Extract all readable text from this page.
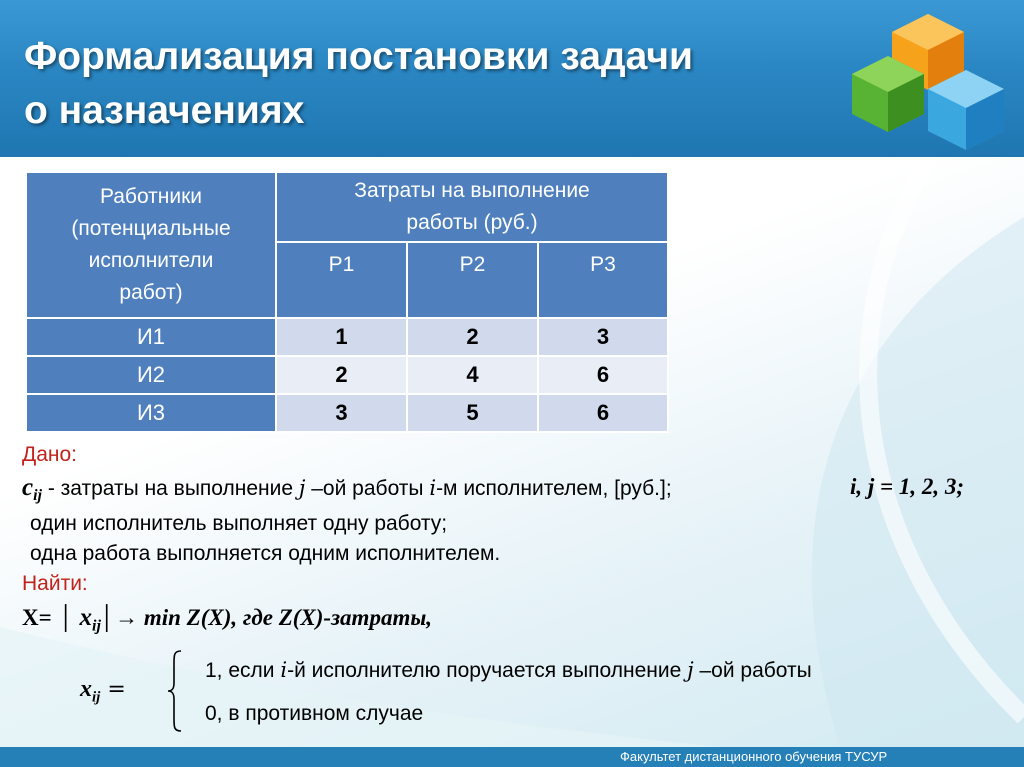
Формализация постановки задачи
о назначениях
Работники
(потенциальные
исполнители
работ)	Затраты на выполнение
работы (руб.)		
	Р1	Р2	Р3
И1	1	2	3
И2	2	4	6
И3	3	5	6

Дано:

$c_{ij}$ - затраты на выполнение j –ой работы i-м исполнителем, [руб.];	i, j = 1, 2, 3;

один исполнитель выполняет одну работу;

одна работа выполняется одним исполнителем.

Найти:

X= │ $x_{ij}│\to \min Z(X)$, где Z(X)-затраты,

$x_{ij}$ =

1, если i-й исполнителю поручается выполнение j –ой работы

0, в противном случае

Факультет дистанционного обучения ТУСУР
